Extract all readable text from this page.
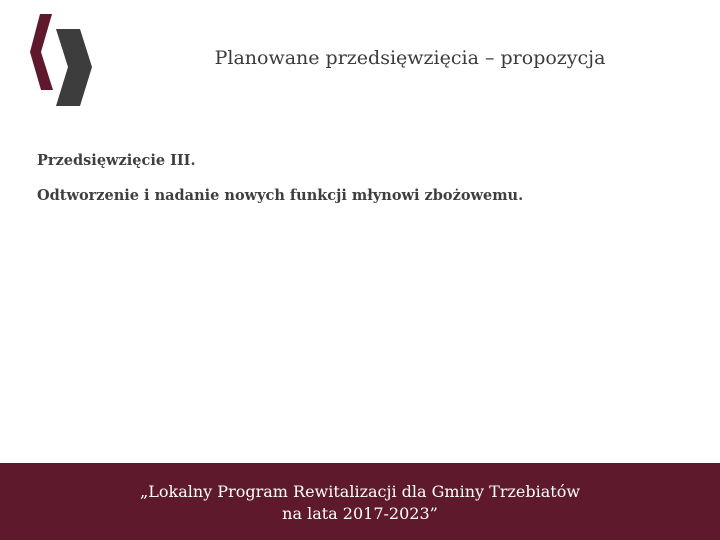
Planowane przedsięwzięcia – propozycja

Przedsięwzięcie III.

Odtworzenie i nadanie nowych funkcji młynowi zbożowemu.

„Lokalny Program Rewitalizacji dla Gminy Trzebiatów
na lata 2017-2023”
